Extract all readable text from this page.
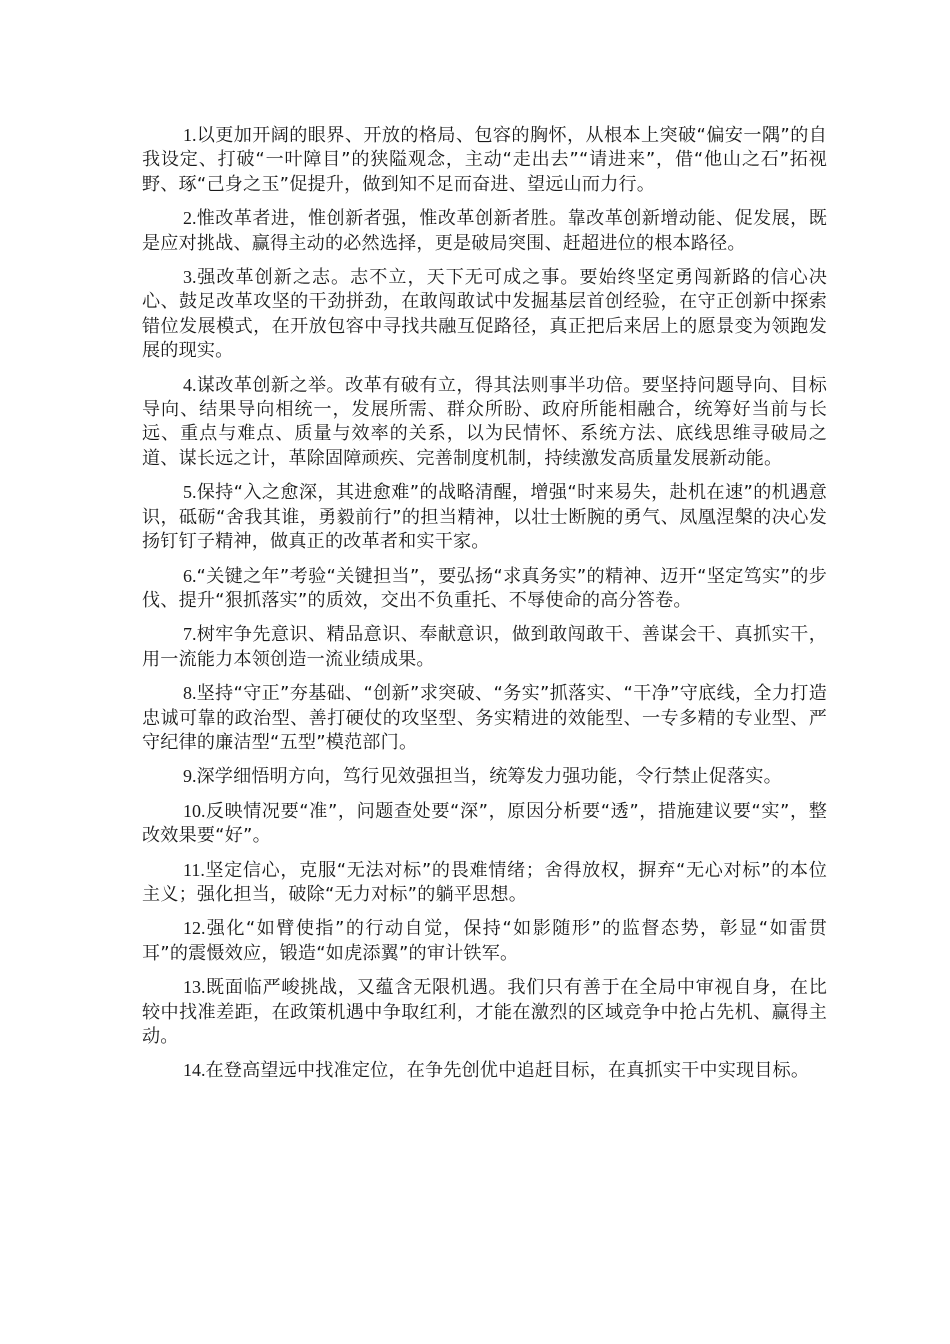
1.以更加开阔的眼界、开放的格局、包容的胸怀，从根本上突破“偏安一隅”的自我设定、打破“一叶障目”的狭隘观念，主动“走出去”“请进来”，借“他山之石”拓视野、琢“己身之玉”促提升，做到知不足而奋进、望远山而力行。

2.惟改革者进，惟创新者强，惟改革创新者胜。靠改革创新增动能、促发展，既是应对挑战、赢得主动的必然选择，更是破局突围、赶超进位的根本路径。

3.强改革创新之志。志不立，天下无可成之事。要始终坚定勇闯新路的信心决心、鼓足改革攻坚的干劲拼劲，在敢闯敢试中发掘基层首创经验，在守正创新中探索错位发展模式，在开放包容中寻找共融互促路径，真正把后来居上的愿景变为领跑发展的现实。

4.谋改革创新之举。改革有破有立，得其法则事半功倍。要坚持问题导向、目标导向、结果导向相统一，发展所需、群众所盼、政府所能相融合，统筹好当前与长远、重点与难点、质量与效率的关系，以为民情怀、系统方法、底线思维寻破局之道、谋长远之计，革除固障顽疾、完善制度机制，持续激发高质量发展新动能。

5.保持“入之愈深，其进愈难”的战略清醒，增强“时来易失，赴机在速”的机遇意识，砥砺“舍我其谁，勇毅前行”的担当精神，以壮士断腕的勇气、凤凰涅槃的决心发扬钉钉子精神，做真正的改革者和实干家。

6.“关键之年”考验“关键担当”，要弘扬“求真务实”的精神、迈开“坚定笃实”的步伐、提升“狠抓落实”的质效，交出不负重托、不辱使命的高分答卷。

7.树牢争先意识、精品意识、奉献意识，做到敢闯敢干、善谋会干、真抓实干，用一流能力本领创造一流业绩成果。

8.坚持“守正”夯基础、“创新”求突破、“务实”抓落实、“干净”守底线，全力打造忠诚可靠的政治型、善打硬仗的攻坚型、务实精进的效能型、一专多精的专业型、严守纪律的廉洁型“五型”模范部门。

9.深学细悟明方向，笃行见效强担当，统筹发力强功能，令行禁止促落实。

10.反映情况要“准”，问题查处要“深”，原因分析要“透”，措施建议要“实”，整改效果要“好”。

11.坚定信心，克服“无法对标”的畏难情绪；舍得放权，摒弃“无心对标”的本位主义；强化担当，破除“无力对标”的躺平思想。

12.强化“如臂使指”的行动自觉，保持“如影随形”的监督态势，彰显“如雷贯耳”的震慑效应，锻造“如虎添翼”的审计铁军。

13.既面临严峻挑战，又蕴含无限机遇。我们只有善于在全局中审视自身，在比较中找准差距，在政策机遇中争取红利，才能在激烈的区域竞争中抢占先机、赢得主动。

14.在登高望远中找准定位，在争先创优中追赶目标，在真抓实干中实现目标。
